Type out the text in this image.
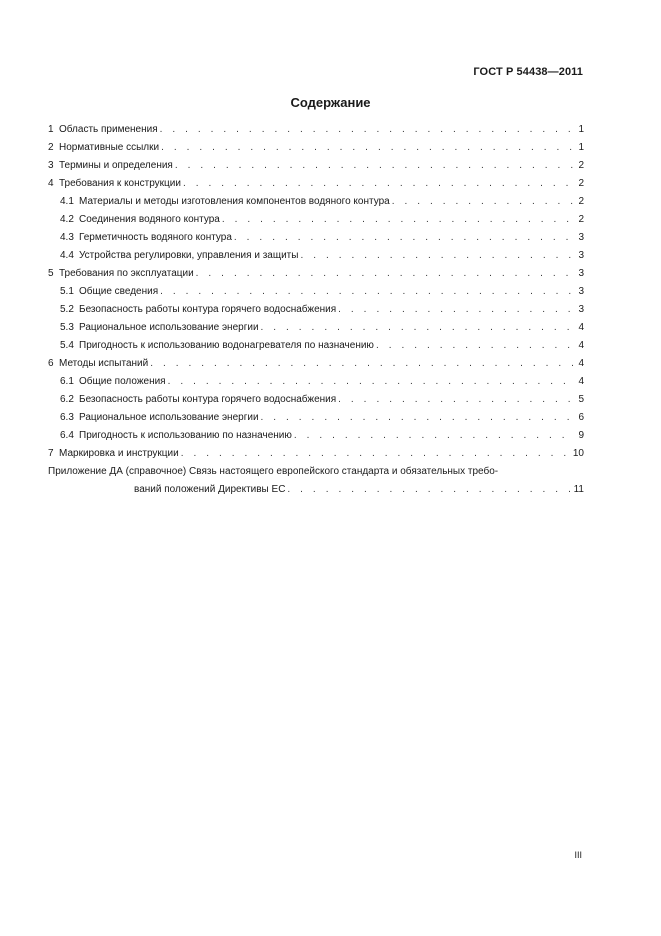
ГОСТ Р 54438—2011
Содержание
1 Область применения . . .	1
2 Нормативные ссылки . . .	1
3 Термины и определения . . .	2
4 Требования к конструкции . . .	2
4.1 Материалы и методы изготовления компонентов водяного контура . . .	2
4.2 Соединения водяного контура . . .	2
4.3 Герметичность водяного контура . . .	3
4.4 Устройства регулировки, управления и защиты . . .	3
5 Требования по эксплуатации . . .	3
5.1 Общие сведения . . .	3
5.2 Безопасность работы контура горячего водоснабжения . . .	3
5.3 Рациональное использование энергии . . .	4
5.4 Пригодность к использованию водонагревателя по назначению . . .	4
6 Методы испытаний . . .	4
6.1 Общие положения . . .	4
6.2 Безопасность работы контура горячего водоснабжения . . .	5
6.3 Рациональное использование энергии . . .	6
6.4 Пригодность к использованию по назначению . . .	9
7 Маркировка и инструкции . . .	10
Приложение ДА (справочное) Связь настоящего европейского стандарта и обязательных требо-
ваний положений Директивы ЕС . . .	11
III
